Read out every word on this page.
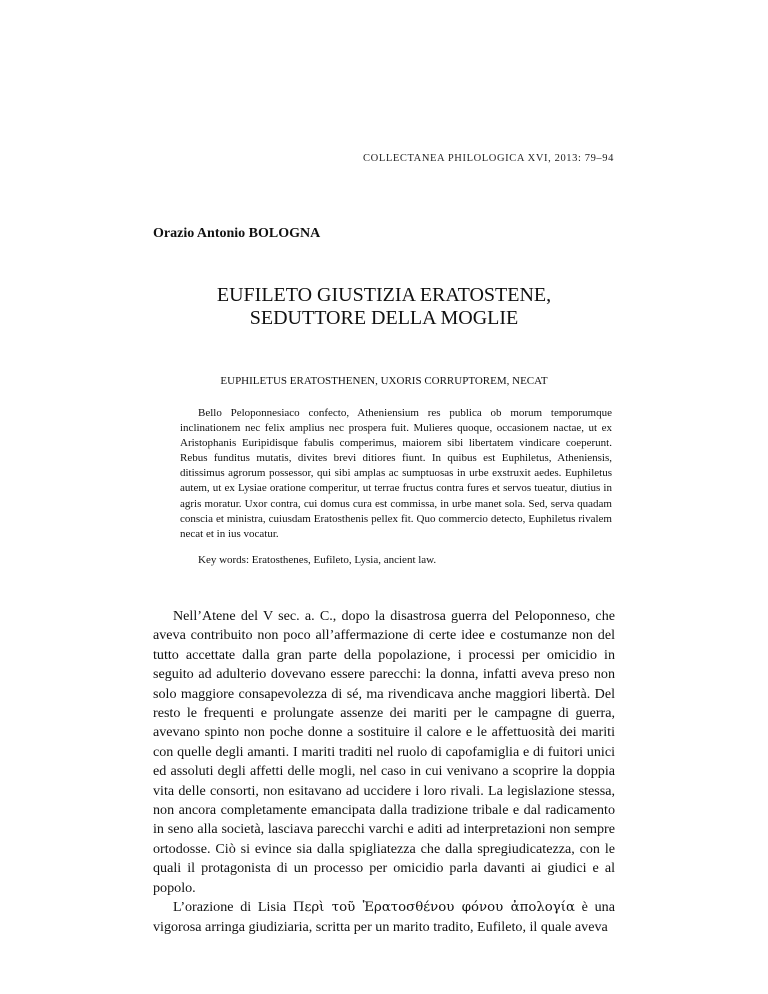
COLLECTANEA PHILOLOGICA XVI, 2013: 79–94
Orazio Antonio BOLOGNA
EUFILETO GIUSTIZIA ERATOSTENE,
SEDUTTORE DELLA MOGLIE
EUPHILETUS ERATOSTHENEN, UXORIS CORRUPTOREM, NECAT

Bello Peloponnesiaco confecto, Atheniensium res publica ob morum temporumque inclinationem nec felix amplius nec prospera fuit. Mulieres quoque, occasionem nactae, ut ex Aristophanis Euripidisque fabulis comperimus, maiorem sibi libertatem vindicare coeperunt. Rebus funditus mutatis, divites brevi ditiores fiunt. In quibus est Euphiletus, Atheniensis, ditissimus agrorum possessor, qui sibi amplas ac sumptuosas in urbe exstruxit aedes. Euphiletus autem, ut ex Lysiae oratione comperitur, ut terrae fructus contra fures et servos tueatur, diutius in agris moratur. Uxor contra, cui domus cura est commissa, in urbe manet sola. Sed, serva quadam conscia et ministra, cuiusdam Eratosthenis pellex fit. Quo commercio detecto, Euphiletus rivalem necat et in ius vocatur.

Key words: Eratosthenes, Eufileto, Lysia, ancient law.

Nell’Atene del V sec. a. C., dopo la disastrosa guerra del Peloponneso, che aveva contribuito non poco all’affermazione di certe idee e costumanze non del tutto accettate dalla gran parte della popolazione, i processi per omicidio in seguito ad adulterio dovevano essere parecchi: la donna, infatti aveva preso non solo maggiore consapevolezza di sé, ma rivendicava anche maggiori libertà. Del resto le frequenti e prolungate assenze dei mariti per le campagne di guerra, avevano spinto non poche donne a sostituire il calore e le affettuosità dei mariti con quelle degli amanti. I mariti traditi nel ruolo di capofamiglia e di fuitori unici ed assoluti degli affetti delle mogli, nel caso in cui venivano a scoprire la doppia vita delle consorti, non esitavano ad uccidere i loro rivali. La legislazione stessa, non ancora completamente emancipata dalla tradizione tribale e dal radicamento in seno alla società, lasciava parecchi varchi e aditi ad interpretazioni non sempre ortodosse. Ciò si evince sia dalla spigliatezza che dalla spregiudicatezza, con le quali il protagonista di un processo per omicidio parla davanti ai giudici e al popolo.

L’orazione di Lisia Περὶ τοῦ Ἐρατοσθένου φόνου ἀπολογία è una vigorosa arringa giudiziaria, scritta per un marito tradito, Eufileto, il quale aveva
